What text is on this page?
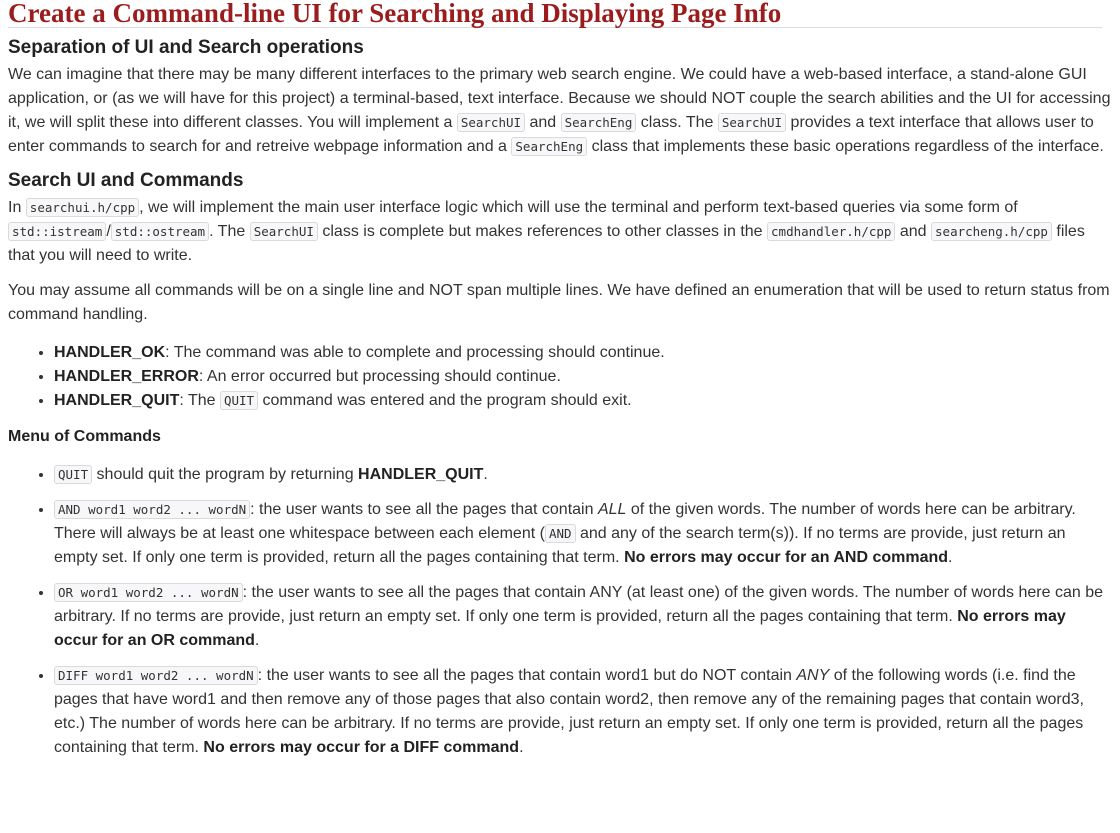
Create a Command-line UI for Searching and Displaying Page Info
Separation of UI and Search operations

We can imagine that there may be many different interfaces to the primary web search engine. We could have a web-based interface, a stand-alone GUI application, or (as we will have for this project) a terminal-based, text interface. Because we should NOT couple the search abilities and the UI for accessing it, we will split these into different classes. You will implement a SearchUI and SearchEng class. The SearchUI provides a text interface that allows user to enter commands to search for and retreive webpage information and a SearchEng class that implements these basic operations regardless of the interface.

Search UI and Commands

In searchui.h/cpp , we will implement the main user interface logic which will use the terminal and perform text-based queries via some form of std::istream / std::ostream . The SearchUI class is complete but makes references to other classes in the cmdhandler.h/cpp and searcheng.h/cpp files that you will need to write.

You may assume all commands will be on a single line and NOT span multiple lines. We have defined an enumeration that will be used to return status from command handling.

• HANDLER_OK: The command was able to complete and processing should continue.
• HANDLER_ERROR: An error occurred but processing should continue.
• HANDLER_QUIT: The QUIT command was entered and the program should exit.
Menu of Commands
• QUIT should quit the program by returning HANDLER_QUIT.
• AND word1 word2 ... wordN : the user wants to see all the pages that contain ALL of the given words. The number of words here can be arbitrary. There will always be at least one whitespace between each element ( AND and any of the search term(s)). If no terms are provide, just return an empty set. If only one term is provided, return all the pages containing that term. No errors may occur for an AND command.
• OR word1 word2 ... wordN : the user wants to see all the pages that contain ANY (at least one) of the given words. The number of words here can be arbitrary. If no terms are provide, just return an empty set. If only one term is provided, return all the pages containing that term. No errors may occur for an OR command.
• DIFF word1 word2 ... wordN : the user wants to see all the pages that contain word1 but do NOT contain ANY of the following words (i.e. find the pages that have word1 and then remove any of those pages that also contain word2, then remove any of the remaining pages that contain word3, etc.) The number of words here can be arbitrary. If no terms are provide, just return an empty set. If only one term is provided, return all the pages containing that term. No errors may occur for a DIFF command.
